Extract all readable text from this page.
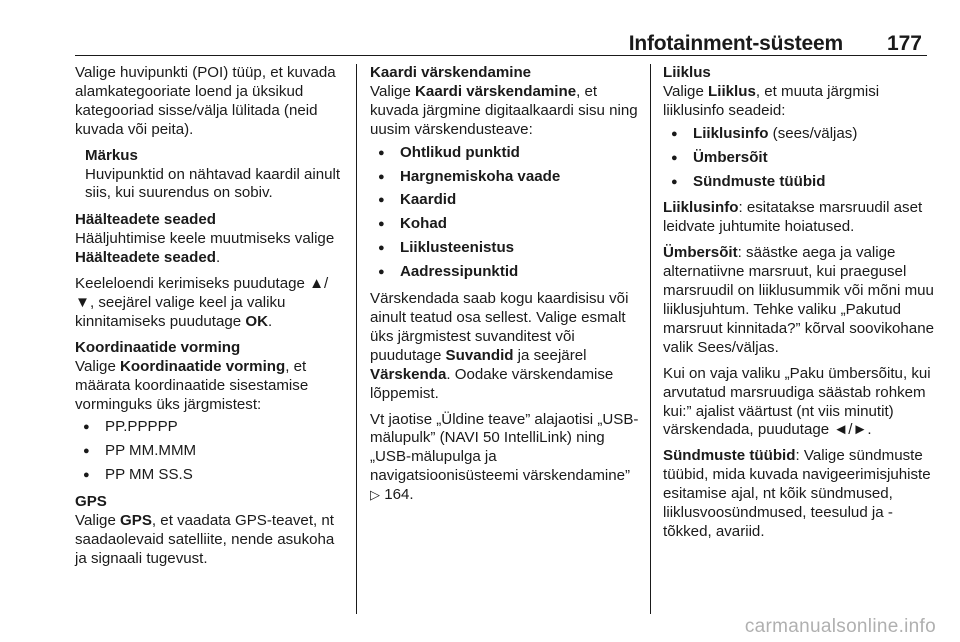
Infotainment-süsteem 177

Valige huvipunkti (POI) tüüp, et kuvada alamkategooriate loend ja üksikud kategooriad sisse/välja lülitada (neid kuvada või peita).

Märkus
Huvipunktid on nähtavad kaardil ainult siis, kui suurendus on sobiv.
Häälteadete seaded

Hääljuhtimise keele muutmiseks valige Häälteadete seaded.

Keeleloendi kerimiseks puudutage ▲/▼, seejärel valige keel ja valiku kinnitamiseks puudutage OK.

Koordinaatide vorming

Valige Koordinaatide vorming, et määrata koordinaatide sisestamise vorminguks üks järgmistest:

● PP.PPPPP
● PP MM.MMM
● PP MM SS.S
GPS

Valige GPS, et vaadata GPS-teavet, nt saadaolevaid satelliite, nende asukoha ja signaali tugevust.

Kaardi värskendamine

Valige Kaardi värskendamine, et kuvada järgmine digitaalkaardi sisu ning uusim värskendusteave:

● Ohtlikud punktid
● Hargnemiskoha vaade
● Kaardid
● Kohad
● Liiklusteenistus
● Aadressipunktid

Värskendada saab kogu kaardisisu või ainult teatud osa sellest. Valige esmalt üks järgmistest suvanditest või puudutage Suvandid ja seejärel Värskenda. Oodake värskendamise lõppemist.

Vt jaotise „Üldine teave” alajaotisi „USB-mälupulk” (NAVI 50 IntelliLink) ning „USB-mälupulga ja navigatsioonisüsteemi värskendamine” ▷ 164.

Liiklus

Valige Liiklus, et muuta järgmisi liiklusinfo seadeid:

● Liiklusinfo (sees/väljas)
● Ümbersõit
● Sündmuste tüübid

Liiklusinfo: esitatakse marsruudil aset leidvate juhtumite hoiatused.

Ümbersõit: säästke aega ja valige alternatiivne marsruut, kui praegusel marsruudil on liiklusummik või mõni muu liiklusjuhtum. Tehke valiku „Pakutud marsruut kinnitada?” kõrval soovikohane valik Sees/väljas.

Kui on vaja valiku „Paku ümbersõitu, kui arvutatud marsruudiga säästab rohkem kui:” ajalist väärtust (nt viis minutit) värskendada, puudutage ◄/►.

Sündmuste tüübid: Valige sündmuste tüübid, mida kuvada navigeerimisjuhiste esitamise ajal, nt kõik sündmused, liiklusvoosündmused, teesulud ja -tõkked, avariid.

carmanualsonline.info
